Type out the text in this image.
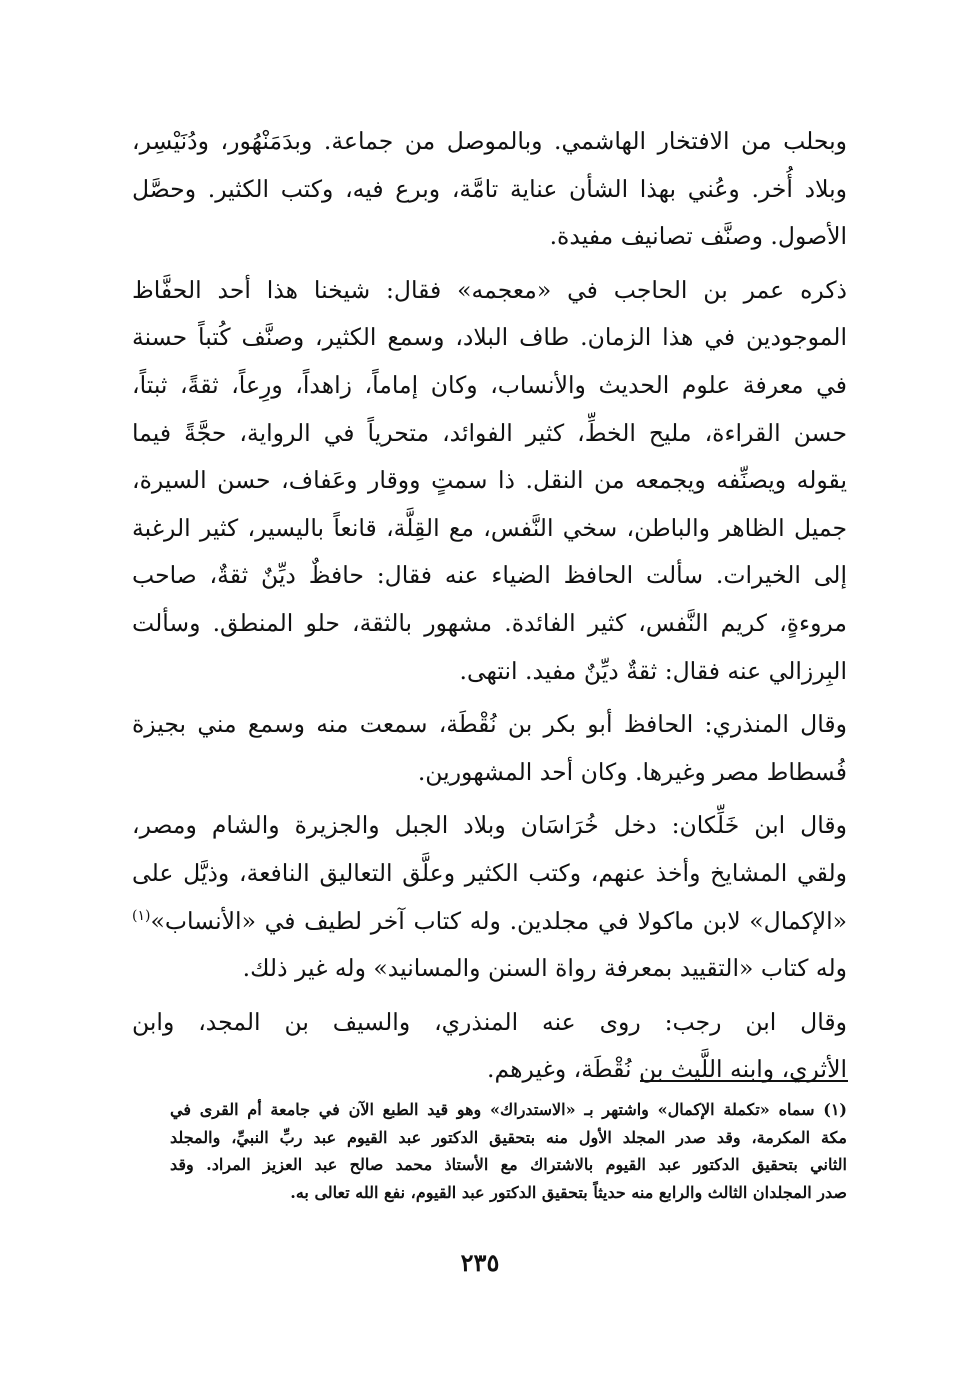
وبحلب من الافتخار الهاشمي. وبالموصل من جماعة. وبدَمَنْهُور، ودُنَيْسِر،
وبلاد أُخر. وعُني بهذا الشأن عناية تامَّة، وبرع فيه، وكتب الكثير. وحصَّل
الأصول. وصنَّف تصانيف مفيدة.
ذكره عمر بن الحاجب في «معجمه» فقال: شيخنا هذا أحد الحفَّاظ
الموجودين في هذا الزمان. طاف البلاد، وسمع الكثير، وصنَّف كُتباً حسنة
في معرفة علوم الحديث والأنساب، وكان إماماً، زاهداً، ورِعاً، ثقةً، ثبتاً،
حسن القراءة، مليح الخطِّ، كثير الفوائد، متحرياً في الرواية، حجَّةً فيما
يقوله ويصنِّفه ويجمعه من النقل. ذا سمتٍ ووقار وعَفاف، حسن السيرة،
جميل الظاهر والباطن، سخي النَّفس، مع القِلَّة، قانعاً باليسير، كثير الرغبة
إلى الخيرات. سألت الحافظ الضياء عنه فقال: حافظٌ ديِّنٌ ثقةٌ، صاحب
مروءةٍ، كريم النَّفس، كثير الفائدة. مشهور بالثقة، حلو المنطق. وسألت
البِرزالي عنه فقال: ثقةٌ ديِّنٌ مفيد. انتهى.
وقال المنذري: الحافظ أبو بكر بن نُقْطَة، سمعت منه وسمع مني بجيزة
فُسطاط مصر وغيرها. وكان أحد المشهورين.
وقال ابن خَلِّكان: دخل خُرَاسَان وبلاد الجبل والجزيرة والشام ومصر،
ولقي المشايخ وأخذ عنهم، وكتب الكثير وعلَّق التعاليق النافعة، وذيَّل على
«الإكمال» لابن ماكولا في مجلدين. وله كتاب آخر لطيف في «الأنساب»$^{(١)}$
وله كتاب «التقييد بمعرفة رواة السنن والمسانيد» وله غير ذلك.
وقال ابن رجب: روى عنه المنذري، والسيف بن المجد، وابن
الأثري، وابنه اللَّيث بن نُقْطَة، وغيرهم.
(١) سماه «تكملة الإكمال» واشتهر بـ «الاستدراك» وهو قيد الطبع الآن في جامعة أم القرى في
مكة المكرمة، وقد صدر المجلد الأول منه بتحقيق الدكتور عبد القيوم عبد ربِّ النبيِّ، والمجلد
الثاني بتحقيق الدكتور عبد القيوم بالاشتراك مع الأستاذ محمد صالح عبد العزيز المراد. وقد
صدر المجلدان الثالث والرابع منه حديثاً بتحقيق الدكتور عبد القيوم، نفع الله تعالى به.
٢٣٥
